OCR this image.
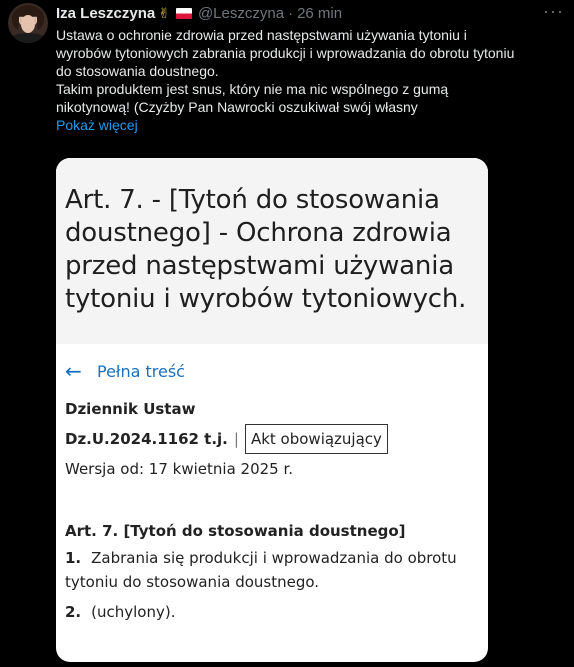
Iza Leszczyna ✌ @Leszczyna · 26 min	···

Ustawa o ochronie zdrowia przed następstwami używania tytoniu i

wyrobów tytoniowych zabrania produkcji i wprowadzania do obrotu tytoniu

do stosowania doustnego.

Takim produktem jest snus, który nie ma nic wspólnego z gumą

nikotynową! (Czyżby Pan Nawrocki oszukiwał swój własny

Pokaż więcej
Art. 7. - [Tytoń do stosowania doustnego] - Ochrona zdrowia przed następstwami używania tytoniu i wyrobów tytoniowych.
← Pełna treść
Dziennik Ustaw
Dz.U.2024.1162 t.j. | Akt obowiązujący
Wersja od: 17 kwietnia 2025 r.
Art. 7. [Tytoń do stosowania doustnego]
1. Zabrania się produkcji i wprowadzania do obrotu tytoniu do stosowania doustnego.
2. (uchylony).
